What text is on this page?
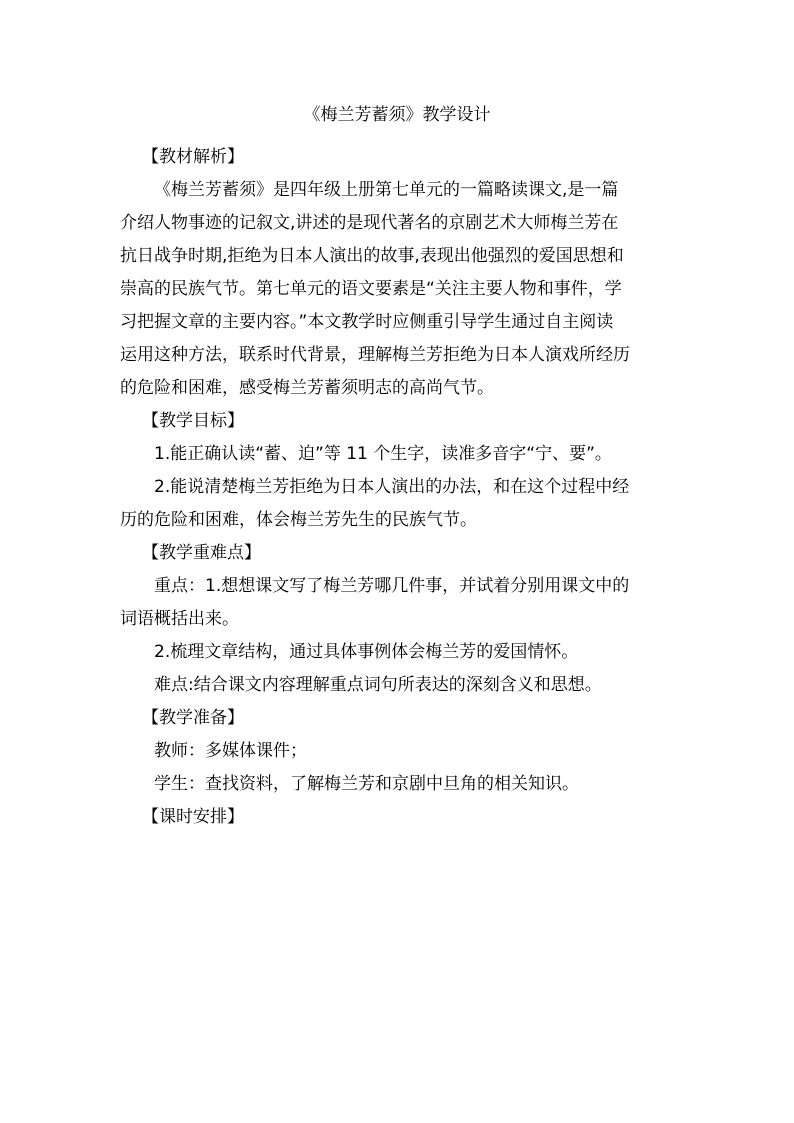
《梅兰芳蓄须》教学设计
【教材解析】
《梅兰芳蓄须》是四年级上册第七单元的一篇略读课文,是一篇
介绍人物事迹的记叙文,讲述的是现代著名的京剧艺术大师梅兰芳在
抗日战争时期,拒绝为日本人演出的故事,表现出他强烈的爱国思想和
崇高的民族气节。第七单元的语文要素是“关注主要人物和事件，学
习把握文章的主要内容。”本文教学时应侧重引导学生通过自主阅读
运用这种方法，联系时代背景，理解梅兰芳拒绝为日本人演戏所经历
的危险和困难，感受梅兰芳蓄须明志的高尚气节。
【教学目标】
1.能正确认读“蓄、迫”等 11 个生字，读准多音字“宁、要”。
2.能说清楚梅兰芳拒绝为日本人演出的办法，和在这个过程中经
历的危险和困难，体会梅兰芳先生的民族气节。
【教学重难点】
重点：1.想想课文写了梅兰芳哪几件事，并试着分别用课文中的
词语概括出来。
2.梳理文章结构，通过具体事例体会梅兰芳的爱国情怀。
难点:结合课文内容理解重点词句所表达的深刻含义和思想。
【教学准备】
教师：多媒体课件；
学生：查找资料，了解梅兰芳和京剧中旦角的相关知识。
【课时安排】
